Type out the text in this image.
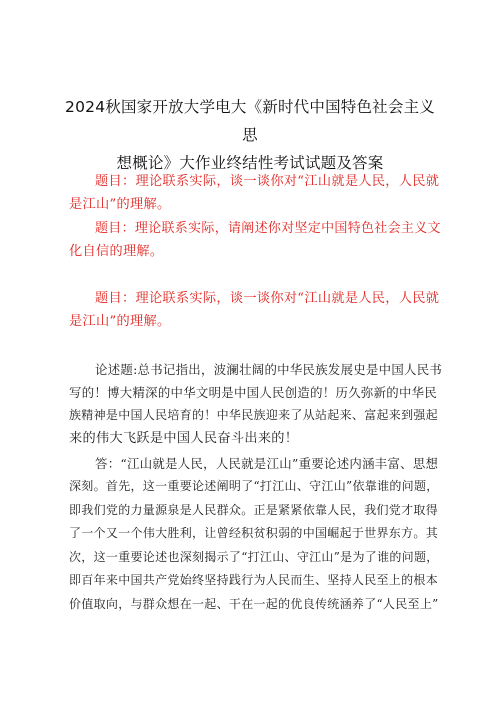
2024秋国家开放大学电大《新时代中国特色社会主义思
想概论》大作业终结性考试试题及答案
题目：理论联系实际，谈一谈你对“江山就是人民，人民就
是江山”的理解。
题目：理论联系实际，请阐述你对坚定中国特色社会主义文
化自信的理解。
题目：理论联系实际，谈一谈你对“江山就是人民，人民就
是江山”的理解。
论述题:总书记指出，波澜壮阔的中华民族发展史是中国人民书
写的！博大精深的中华文明是中国人民创造的！历久弥新的中华民
族精神是中国人民培育的！中华民族迎来了从站起来、富起来到强起
来的伟大飞跃是中国人民奋斗出来的！
答：“江山就是人民，人民就是江山”重要论述内涵丰富、思想
深刻。首先，这一重要论述阐明了“打江山、守江山”依靠谁的问题，
即我们党的力量源泉是人民群众。正是紧紧依靠人民，我们党才取得
了一个又一个伟大胜利，让曾经积贫积弱的中国崛起于世界东方。其
次，这一重要论述也深刻揭示了“打江山、守江山”是为了谁的问题，
即百年来中国共产党始终坚持践行为人民而生、坚持人民至上的根本
价值取向，与群众想在一起、干在一起的优良传统涵养了“人民至上”
